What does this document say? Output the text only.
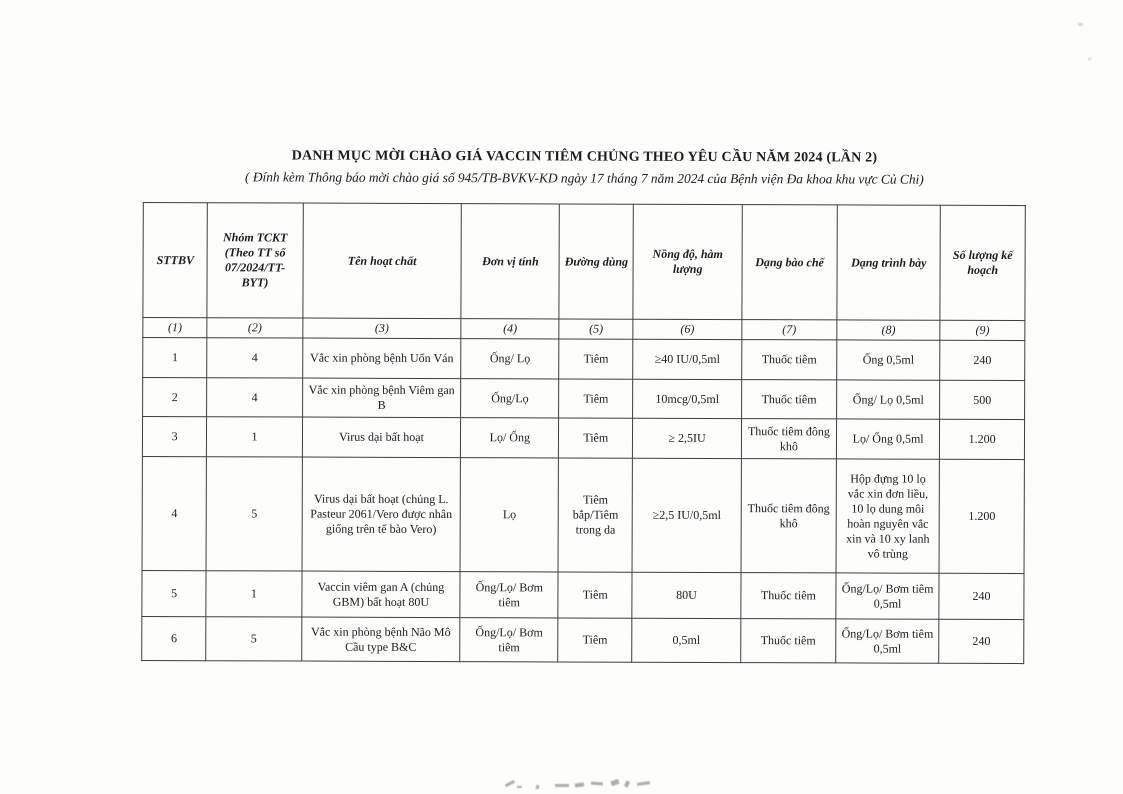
DANH MỤC MỜI CHÀO GIÁ VACCIN TIÊM CHỦNG THEO YÊU CẦU NĂM 2024 (LẦN 2)
( Đính kèm Thông báo mời chào giá số 945/TB-BVKV-KD ngày 17 tháng 7 năm 2024 của Bệnh viện Đa khoa khu vực Củ Chi)
STTBV	Nhóm TCKT (Theo TT số 07/2024/TT-BYT)	Tên hoạt chất	Đơn vị tính	Đường dùng	Nồng độ, hàm lượng	Dạng bào chế	Dạng trình bày	Số lượng kế hoạch
(1)	(2)	(3)	(4)	(5)	(6)	(7)	(8)	(9)
1	4	Vắc xin phòng bệnh Uốn Ván	Ống/ Lọ	Tiêm	≥40 IU/0,5ml	Thuốc tiêm	Ống 0,5ml	240
2	4	Vắc xin phòng bệnh Viêm gan B	Ống/Lọ	Tiêm	10mcg/0,5ml	Thuốc tiêm	Ống/ Lọ 0,5ml	500
3	1	Virus dại bất hoạt	Lọ/ Ống	Tiêm	≥ 2,5IU	Thuốc tiêm đông khô	Lọ/ Ống 0,5ml	1.200
4	5	Virus dại bất hoạt (chủng L. Pasteur 2061/Vero được nhân giống trên tế bào Vero)	Lọ	Tiêm bắp/Tiêm trong da	≥2,5 IU/0,5ml	Thuốc tiêm đông khô	Hộp đựng 10 lọ vắc xin đơn liều, 10 lọ dung môi hoàn nguyên vắc xin và 10 xy lanh vô trùng	1.200
5	1	Vaccin viêm gan A (chủng GBM) bất hoạt 80U	Ống/Lọ/ Bơm tiêm	Tiêm	80U	Thuốc tiêm	Ống/Lọ/ Bơm tiêm 0,5ml	240
6	5	Vắc xin phòng bệnh Não Mô Cầu type B&C	Ống/Lọ/ Bơm tiêm	Tiêm	0,5ml	Thuốc tiêm	Ống/Lọ/ Bơm tiêm 0,5ml	240
